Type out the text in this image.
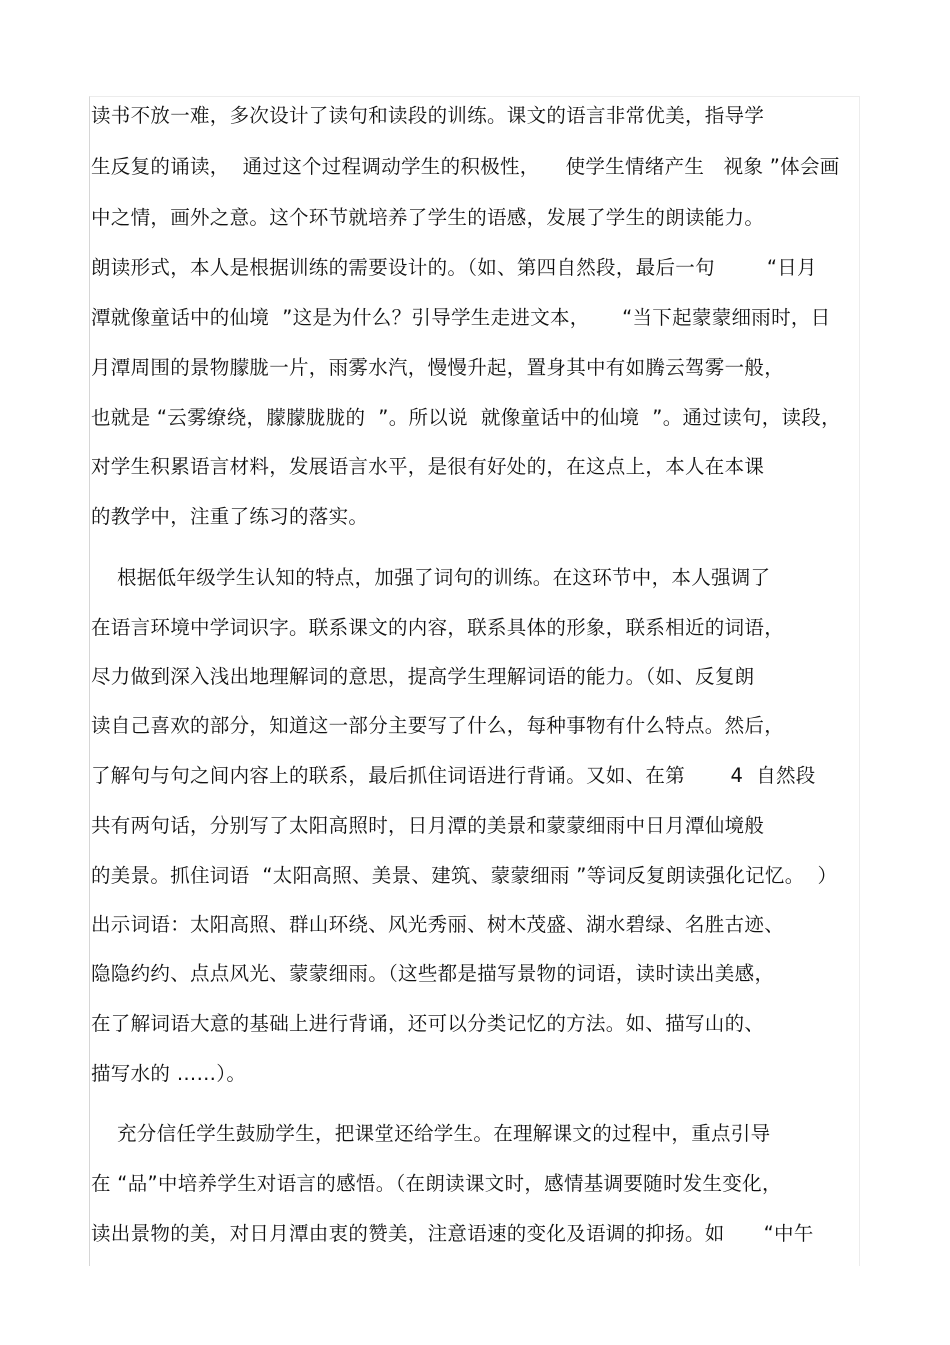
读书不放一难，多次设计了读句和读段的训练。课文的语言非常优美，指导学
生反复的诵读，  通过这个过程调动学生的积极性，    使学生情绪产生   视象 ”体会画
中之情，画外之意。这个环节就培养了学生的语感，发展了学生的朗读能力。
朗读形式，本人是根据训练的需要设计的。（如、第四自然段，最后一句        “日月
潭就像童话中的仙境  ”这是为什么？引导学生走进文本，     “当下起蒙蒙细雨时，日
月潭周围的景物朦胧一片，雨雾水汽，慢慢升起，置身其中有如腾云驾雾一般，
也就是 “云雾缭绕，朦朦胧胧的  ”。所以说  就像童话中的仙境  ”。通过读句，读段，
对学生积累语言材料，发展语言水平，是很有好处的，在这点上，本人在本课
的教学中，注重了练习的落实。
根据低年级学生认知的特点，加强了词句的训练。在这环节中，本人强调了
在语言环境中学词识字。联系课文的内容，联系具体的形象，联系相近的词语，
尽力做到深入浅出地理解词的意思，提高学生理解词语的能力。（如、反复朗
读自己喜欢的部分，知道这一部分主要写了什么，每种事物有什么特点。然后，
了解句与句之间内容上的联系，最后抓住词语进行背诵。又如、在第       4  自然段
共有两句话，分别写了太阳高照时，日月潭的美景和蒙蒙细雨中日月潭仙境般
的美景。抓住词语  “太阳高照、美景、建筑、蒙蒙细雨 ”等词反复朗读强化记忆。  ）
出示词语：太阳高照、群山环绕、风光秀丽、树木茂盛、湖水碧绿、名胜古迹、
隐隐约约、点点风光、蒙蒙细雨。（这些都是描写景物的词语，读时读出美感，
在了解词语大意的基础上进行背诵，还可以分类记忆的方法。如、描写山的、
描写水的 ……）。
充分信任学生鼓励学生，把课堂还给学生。在理解课文的过程中，重点引导
在 “品”中培养学生对语言的感悟。（在朗读课文时，感情基调要随时发生变化，
读出景物的美，对日月潭由衷的赞美，注意语速的变化及语调的抑扬。如      “中午
